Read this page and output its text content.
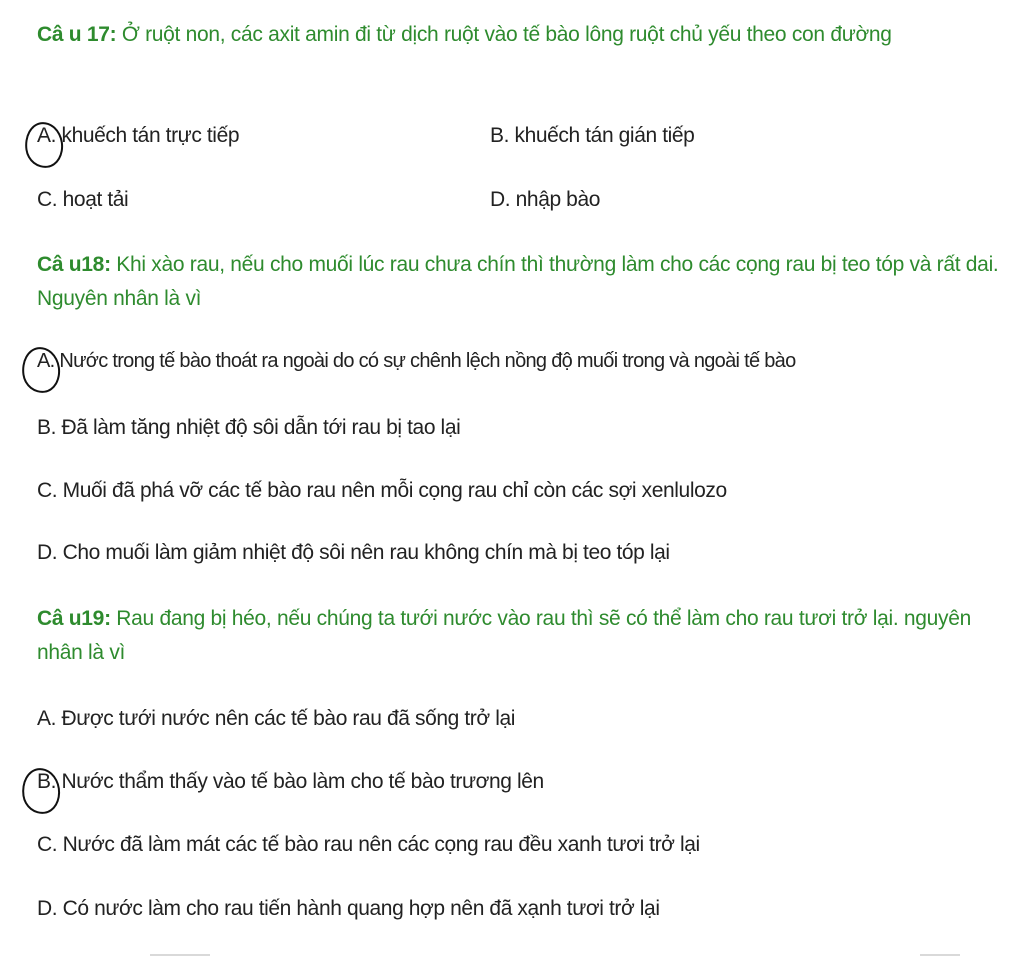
Câ u 17: Ở ruột non, các axit amin đi từ dịch ruột vào tế bào lông ruột chủ yếu theo con đường
A. khuếch tán trực tiếp	B. khuếch tán gián tiếp
C. hoạt tải	D. nhập bào
Câ u18: Khi xào rau, nếu cho muối lúc rau chưa chín thì thường làm cho các cọng rau bị teo tóp và rất dai. Nguyên nhân là vì
A. Nước trong tế bào thoát ra ngoài do có sự chênh lệch nồng độ muối trong và ngoài tế bào
B. Đã làm tăng nhiệt độ sôi dẫn tới rau bị tao lại
C. Muối đã phá vỡ các tế bào rau nên mỗi cọng rau chỉ còn các sợi xenlulozo
D. Cho muối làm giảm nhiệt độ sôi nên rau không chín mà bị teo tóp lại
Câ u19: Rau đang bị héo, nếu chúng ta tưới nước vào rau thì sẽ có thể làm cho rau tươi trở lại. nguyên nhân là vì
A. Được tưới nước nên các tế bào rau đã sống trở lại
B. Nước thẩm thấy vào tế bào làm cho tế bào trương lên
C. Nước đã làm mát các tế bào rau nên các cọng rau đều xanh tươi trở lại
D. Có nước làm cho rau tiến hành quang hợp nên đã xạnh tươi trở lại
